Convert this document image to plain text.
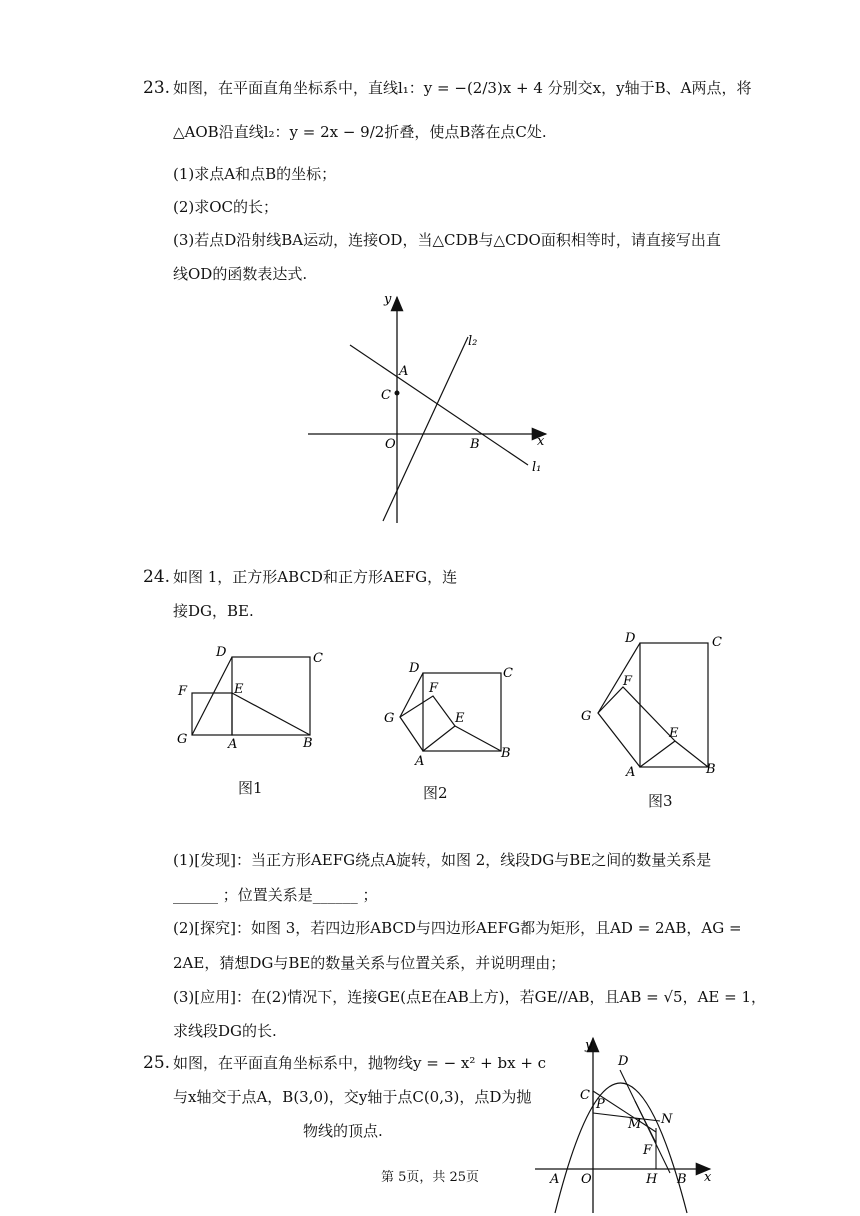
23. 如图，在平面直角坐标系中，直线l₁：y = −(2/3)x + 4 分别交x，y轴于B、A两点，将
△AOB沿直线l₂：y = 2x − 9/2折叠，使点B落在点C处.
(1)求点A和点B的坐标；
(2)求OC的长；
(3)若点D沿射线BA运动，连接OD，当△CDB与△CDO面积相等时，请直接写出直
线OD的函数表达式.
y
x
l₂
l₁
A
C
O	B
24. 如图 1，正方形ABCD和正方形AEFG，连
接DG，BE.
D	C
F	E
G	A	B
图1
D	C
F
E
G
A
B
图2
D	C
F
E
G
A	B
图3
(1)[发现]：当正方形AEFG绕点A旋转，如图 2，线段DG与BE之间的数量关系是
______ ；位置关系是______ ；
(2)[探究]：如图 3，若四边形ABCD与四边形AEFG都为矩形，且AD = 2AB，AG =
2AE，猜想DG与BE的数量关系与位置关系，并说明理由；
(3)[应用]：在(2)情况下，连接GE(点E在AB上方)，若GE//AB，且AB = √5，AE = 1，
求线段DG的长.
25. 如图，在平面直角坐标系中，抛物线y = − x² + bx + c
与x轴交于点A，B(3,0)，交y轴于点C(0,3)，点D为抛
物线的顶点.
y
x
D
C
P
M N
F
A O	H B
第 5页，共 25页
